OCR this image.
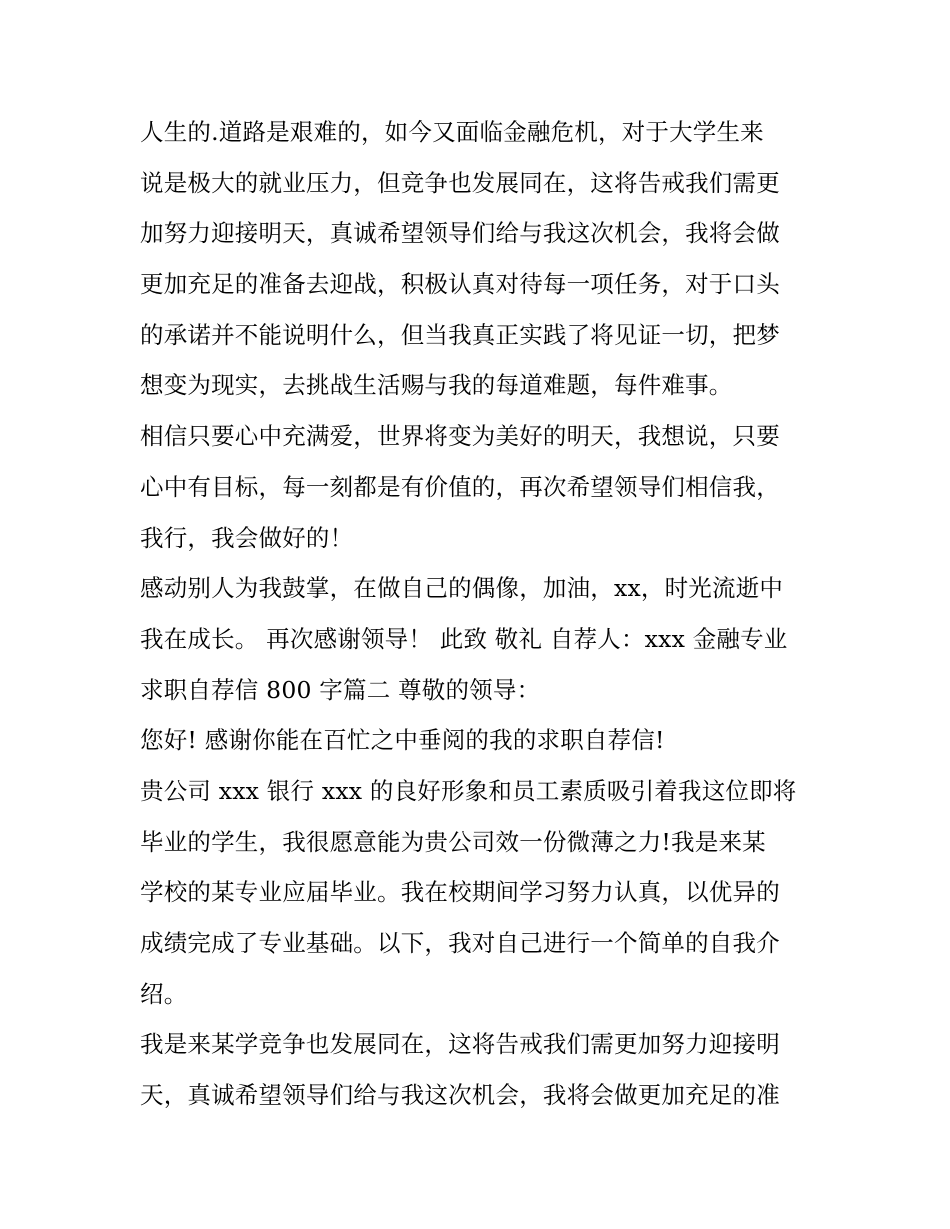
人生的.道路是艰难的，如今又面临金融危机，对于大学生来
说是极大的就业压力，但竞争也发展同在，这将告戒我们需更
加努力迎接明天，真诚希望领导们给与我这次机会，我将会做
更加充足的准备去迎战，积极认真对待每一项任务，对于口头
的承诺并不能说明什么，但当我真正实践了将见证一切，把梦
想变为现实，去挑战生活赐与我的每道难题，每件难事。
相信只要心中充满爱，世界将变为美好的明天，我想说，只要
心中有目标，每一刻都是有价值的，再次希望领导们相信我，
我行，我会做好的！
感动别人为我鼓掌，在做自己的偶像，加油，xx，时光流逝中
我在成长。 再次感谢领导！ 此致 敬礼 自荐人：xxx 金融专业
求职自荐信 800 字篇二 尊敬的领导：
您好! 感谢你能在百忙之中垂阅的我的求职自荐信!
贵公司 xxx 银行 xxx 的良好形象和员工素质吸引着我这位即将
毕业的学生，我很愿意能为贵公司效一份微薄之力!我是来某
学校的某专业应届毕业。我在校期间学习努力认真，以优异的
成绩完成了专业基础。以下，我对自己进行一个简单的自我介
绍。
我是来某学竞争也发展同在，这将告戒我们需更加努力迎接明
天，真诚希望领导们给与我这次机会，我将会做更加充足的准
